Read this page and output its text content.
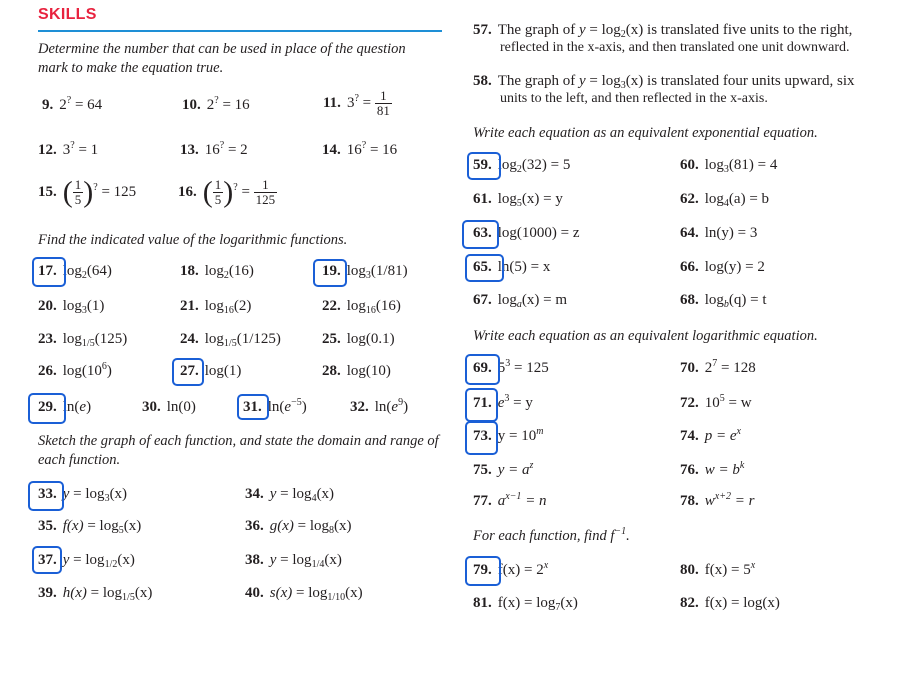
SKILLS
Determine the number that can be used in place of the question mark to make the equation true.
9. 2? = 64	10. 2? = 16	11. $3^? = \frac{1}{81}$
12. 3? = 1	13. 16? = 2	14. 16? = 16
15. ( $\frac{1}{5} )^? = 125$	16. ( $\frac{1}{5} )^? = \frac{1}{125}$
Find the indicated value of the logarithmic functions.
17. $\log_2(64)$	18. $\log_2(16)$	19. $\log_3(1/81)$
20. $\log_3(1)$	21. $\log_{16}(2)$	22. $\log_{16}(16)$
23. $\log_{1/5}(125)$	24. $\log_{1/5}(1/125)$	25. log(0.1)
26. $\log(10^6)$	27. log(1)	28. log(10)
29. ln(e)	30. ln(0)	31. $\ln(e^{-5})$	32. $\ln(e^9)$
Sketch the graph of each function, and state the domain and range of each function.
33. $y = \log_3(x)$	34. $y = \log_4(x)$
35. $f(x) = \log_5(x)$	36. $g(x) = \log_8(x)$
37. $y = \log_{1/2}(x)$	38. $y = \log_{1/4}(x)$
39. $h(x) = \log_{1/5}(x)$	40. $s(x) = \log_{1/10}(x)$
57. The graph of $y = \log_2(x)$ is translated five units to the right,
reflected in the x-axis, and then translated one unit downward.
58. The graph of $y = \log_3(x)$ is translated four units upward, six
units to the left, and then reflected in the x-axis.
Write each equation as an equivalent exponential equation.
59. $\log_2(32) = 5$	60. $\log_3(81) = 4$
61. $\log_5(x) = y$	62. $\log_4(a) = b$
63. log(1000) = z	64. ln(y) = 3
65. ln(5) = x	66. log(y) = 2
67. $\log_a(x) = m$	68. $\log_b(q) = t$
Write each equation as an equivalent logarithmic equation.
69. $5^3 = 125$	70. $2^7 = 128$
71. $e^3 = y$	72. $10^5 = w$
73. $y = 10^m$	74. $p = e^x$
75. $y = a^z$	76. $w = b^k$
77. $a^{x-1} = n$	78. $w^{x+2} = r$
For each function, find $f^{-1}$.
79. $f(x) = 2^x$	80. $f(x) = 5^x$
81. $f(x) = \log_7(x)$	82. f(x) = log(x)
